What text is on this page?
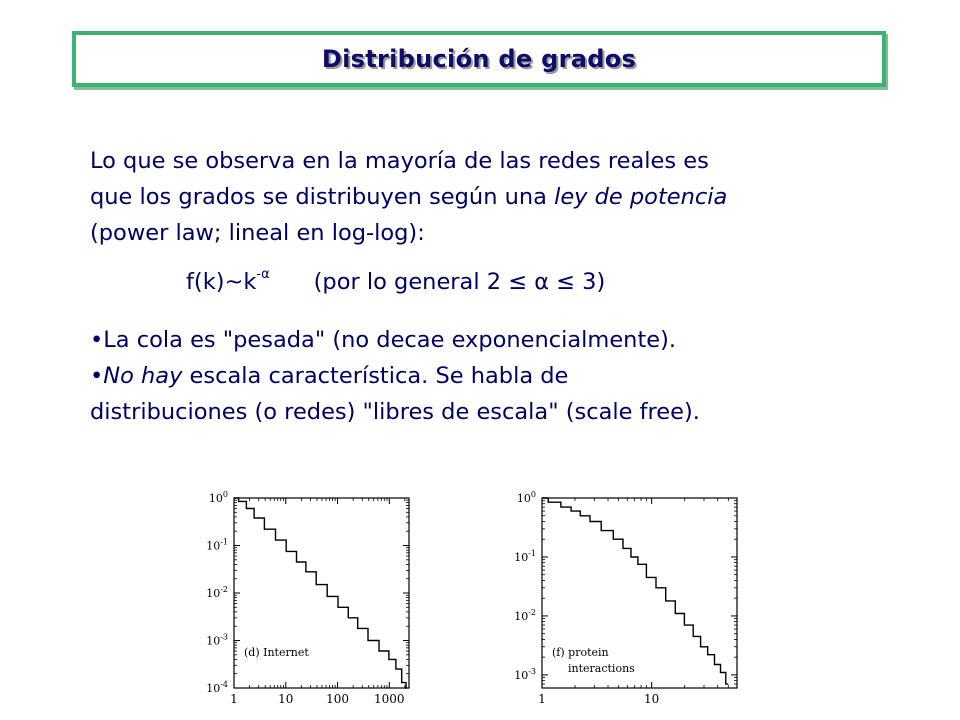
Distribución de grados

Lo que se observa en la mayoría de las redes reales es
que los grados se distribuyen según una ley de potencia
(power law; lineal en log-log):

$f(k)\sim k^{-\alpha}$ (por lo general 2 ≤ α ≤ 3)

•La cola es "pesada" (no decae exponencialmente).
•No hay escala característica. Se habla de
distribuciones (o redes) "libres de escala" (scale free).

1	10	100 1000
$10^0$
$10^{-1}$
$10^{-2}$
$10^{-3}$
$10^{-4}$
(d) Internet
1	10
$10^0$
$10^{-1}$
$10^{-2}$
$10^{-3}$
(f) protein
interactions
